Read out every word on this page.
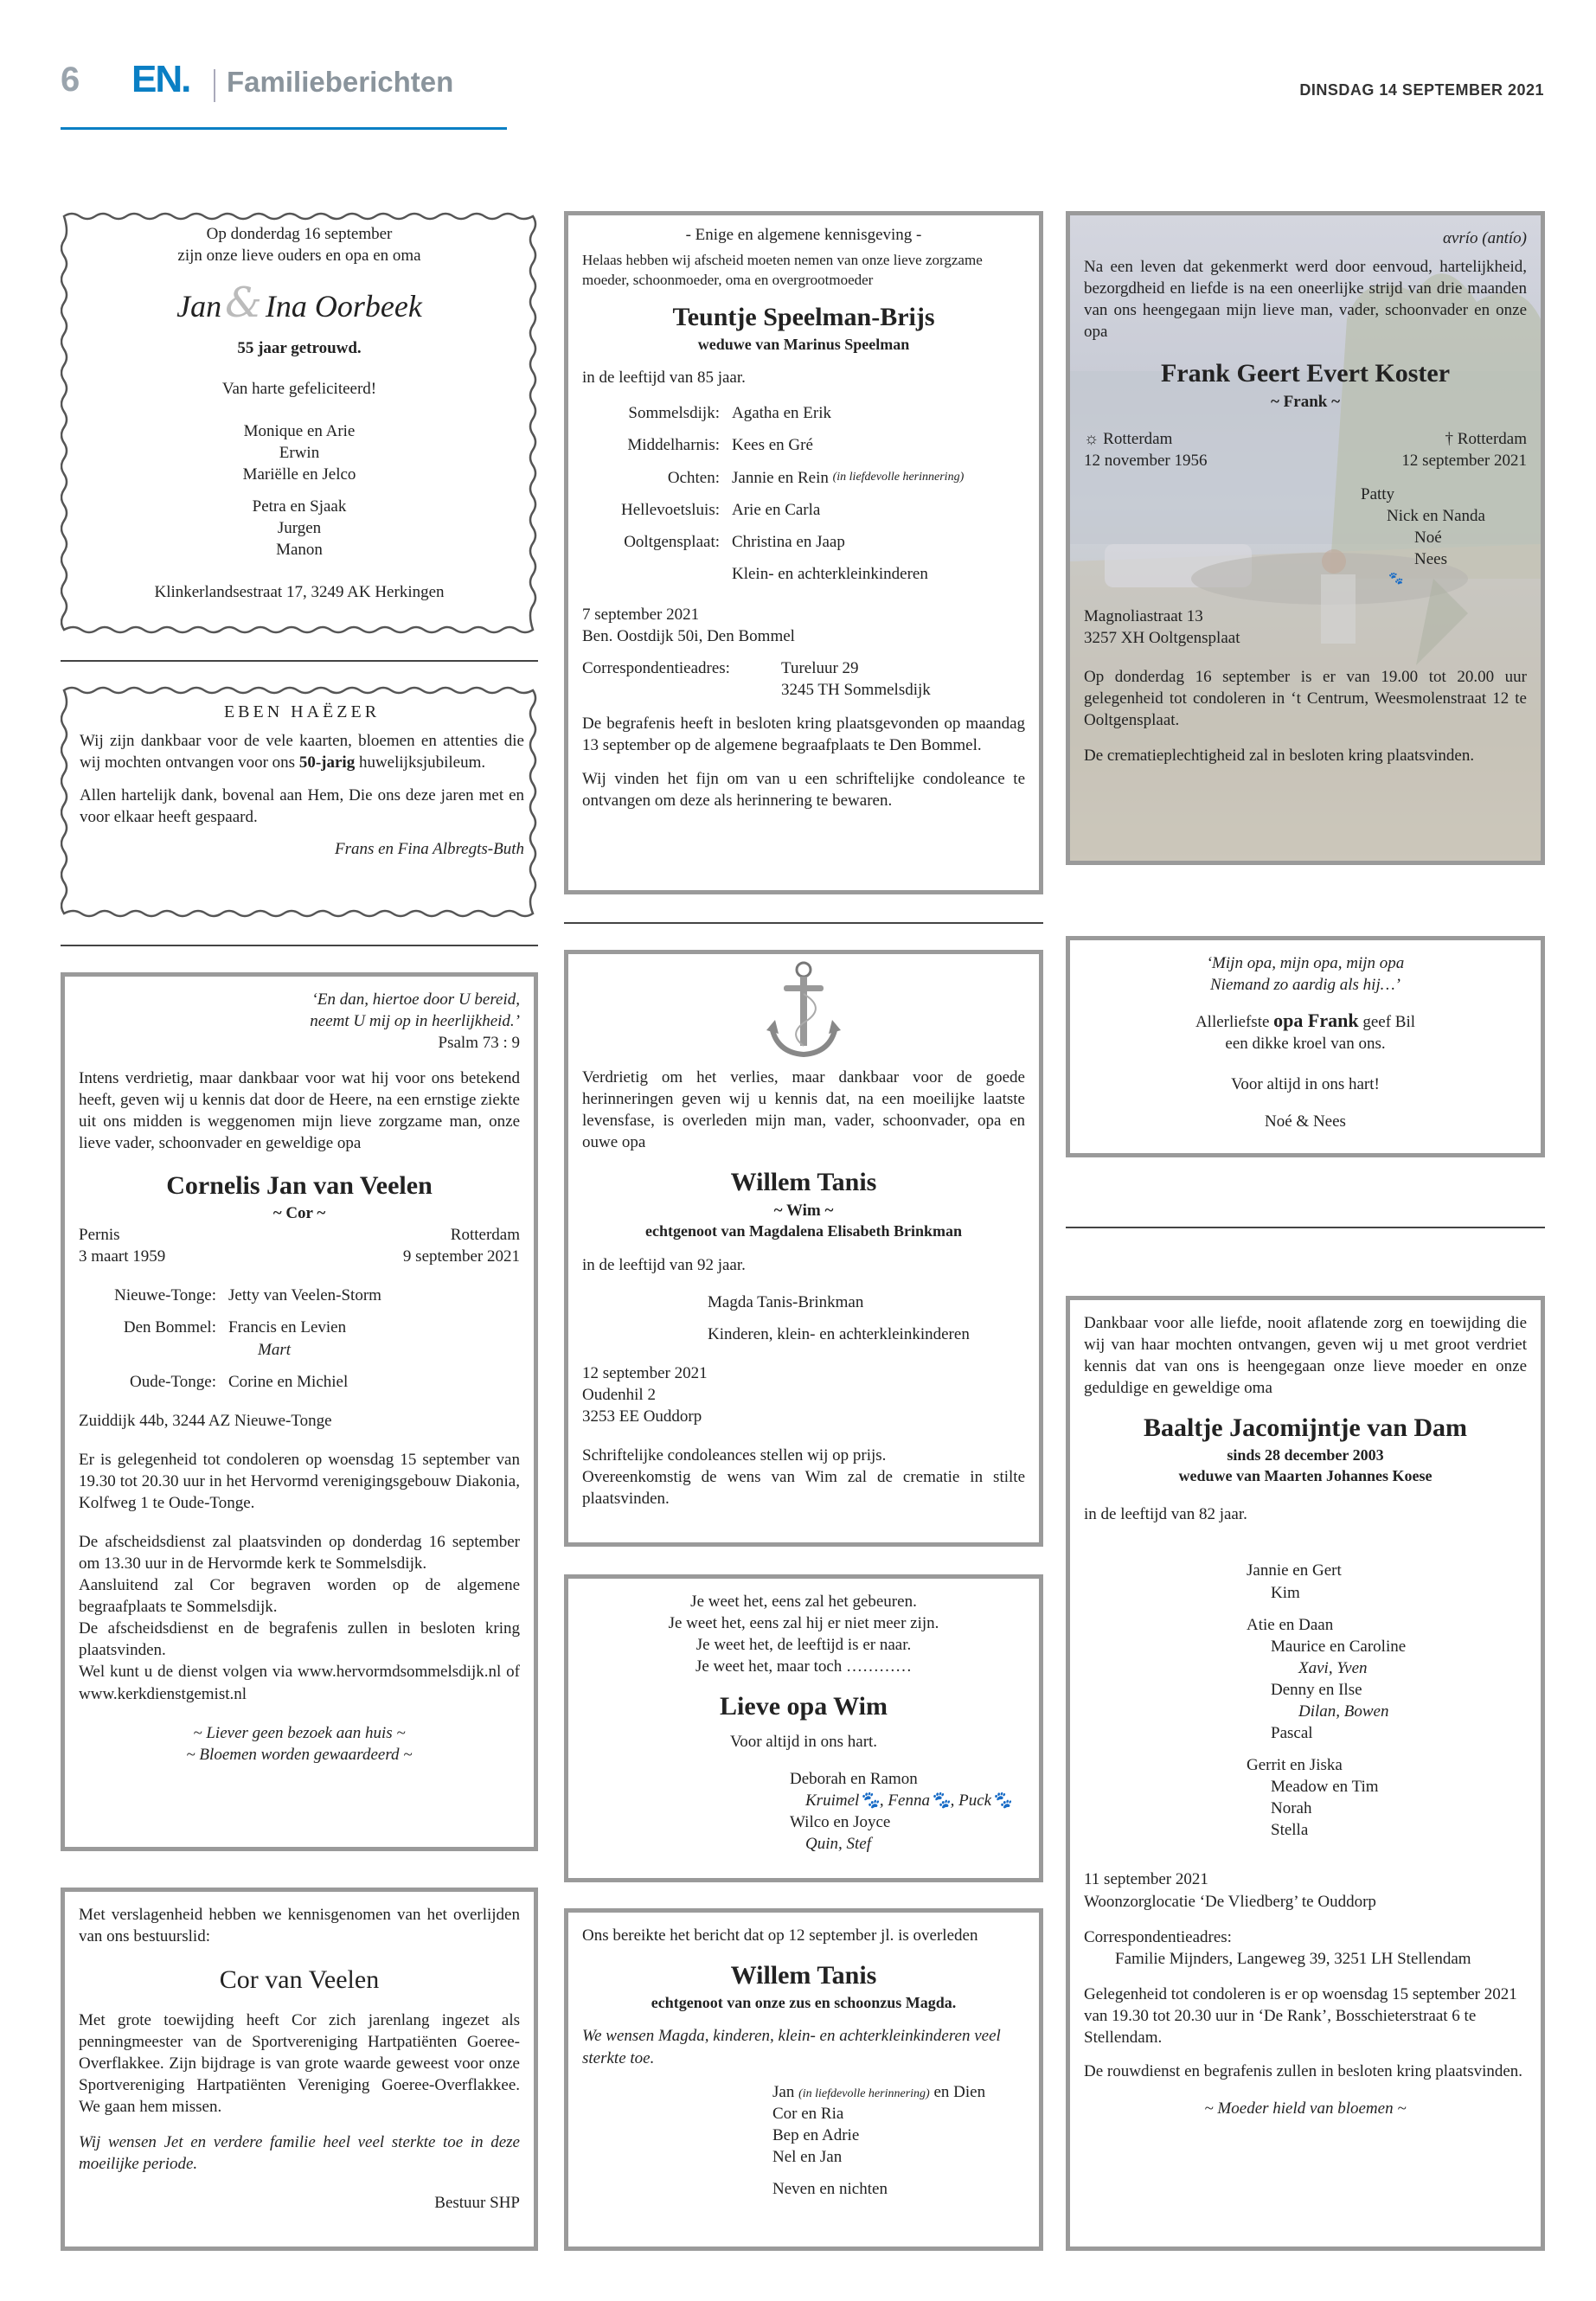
6 EN. Familieberichten	DINSDAG 14 SEPTEMBER 2021
Op donderdag 16 september
zijn onze lieve ouders en opa en oma
Jan& Ina Oorbeek
55 jaar getrouwd.
Van harte gefeliciteerd!
Monique en Arie
Erwin
Mariëlle en Jelco
Petra en Sjaak
Jurgen
Manon
Klinkerlandsestraat 17, 3249 AK Herkingen
EBEN HAËZER
Wij zijn dankbaar voor de vele kaarten, bloemen en attenties die wij mochten ontvangen voor ons 50-jarig huwelijksjubileum.
Allen hartelijk dank, bovenal aan Hem, Die ons deze jaren met en voor elkaar heeft gespaard.
Frans en Fina Albregts-Buth
‘En dan, hiertoe door U bereid,
neemt U mij op in heerlijkheid.’
Psalm 73 : 9
Intens verdrietig, maar dankbaar voor wat hij voor ons betekend heeft, geven wij u kennis dat door de Heere, na een ernstige ziekte uit ons midden is weggenomen mijn lieve zorgzame man, onze lieve vader, schoonvader en geweldige opa
Cornelis Jan van Veelen
~ Cor ~
Pernis	Rotterdam
3 maart 1959	9 september 2021
Nieuwe-Tonge: Jetty van Veelen-Storm
Den Bommel: Francis en Levien
Mart
Oude-Tonge: Corine en Michiel
Zuiddijk 44b, 3244 AZ Nieuwe-Tonge
Er is gelegenheid tot condoleren op woensdag 15 september van 19.30 tot 20.30 uur in het Hervormd verenigingsgebouw Diakonia, Kolfweg 1 te Oude-Tonge.
De afscheidsdienst zal plaatsvinden op donderdag 16 september om 13.30 uur in de Hervormde kerk te Sommelsdijk.
Aansluitend zal Cor begraven worden op de algemene begraafplaats te Sommelsdijk.
De afscheidsdienst en de begrafenis zullen in besloten kring plaatsvinden.
Wel kunt u de dienst volgen via www.hervormdsommelsdijk.nl of www.kerkdienstgemist.nl
~ Liever geen bezoek aan huis ~
~ Bloemen worden gewaardeerd ~
Met verslagenheid hebben we kennisgenomen van het overlijden van ons bestuurslid:
Cor van Veelen
Met grote toewijding heeft Cor zich jarenlang ingezet als penningmeester van de Sportvereniging Hartpatiënten Goeree-Overflakkee. Zijn bijdrage is van grote waarde geweest voor onze Sportvereniging Hartpatiënten Vereniging Goeree-Overflakkee. We gaan hem missen.
Wij wensen Jet en verdere familie heel veel sterkte toe in deze moeilijke periode.
Bestuur SHP
- Enige en algemene kennisgeving -
Helaas hebben wij afscheid moeten nemen van onze lieve zorgzame moeder, schoonmoeder, oma en overgrootmoeder
Teuntje Speelman-Brijs
weduwe van Marinus Speelman
in de leeftijd van 85 jaar.
Sommelsdijk: Agatha en Erik
Middelharnis: Kees en Gré
Ochten: Jannie en Rein
(in liefdevolle herinnering)
Hellevoetsluis: Arie en Carla
Ooltgensplaat: Christina en Jaap
Klein- en achterkleinkinderen
7 september 2021
Ben. Oostdijk 50i, Den Bommel
Correspondentieadres:	Tureluur 29
3245 TH Sommelsdijk
De begrafenis heeft in besloten kring plaatsgevonden op maandag 13 september op de algemene begraafplaats te Den Bommel.
Wij vinden het fijn om van u een schriftelijke condoleance te ontvangen om deze als herinnering te bewaren.
Verdrietig om het verlies, maar dankbaar voor de goede herinneringen geven wij u kennis dat, na een moeilijke laatste levensfase, is overleden mijn man, vader, schoonvader, opa en ouwe opa
Willem Tanis
~ Wim ~
echtgenoot van Magdalena Elisabeth Brinkman
in de leeftijd van 92 jaar.
Magda Tanis-Brinkman
Kinderen, klein- en achterkleinkinderen
12 september 2021
Oudenhil 2
3253 EE Ouddorp
Schriftelijke condoleances stellen wij op prijs.
Overeenkomstig de wens van Wim zal de crematie in stilte plaatsvinden.
Je weet het, eens zal het gebeuren.
Je weet het, eens zal hij er niet meer zijn.
Je weet het, de leeftijd is er naar.
Je weet het, maar toch …………
Lieve opa Wim
Voor altijd in ons hart.
Deborah en Ramon
Kruimel🐾, Fenna🐾, Puck🐾
Wilco en Joyce
Quin, Stef
Ons bereikte het bericht dat op 12 september jl. is overleden
Willem Tanis
echtgenoot van onze zus en schoonzus Magda.
We wensen Magda, kinderen, klein- en achterkleinkinderen veel sterkte toe.
Jan (in liefdevolle herinnering) en Dien
Cor en Ria
Bep en Adrie
Nel en Jan
Neven en nichten
ανrío (antío)
Na een leven dat gekenmerkt werd door eenvoud, hartelijkheid, bezorgdheid en liefde is na een oneerlijke strijd van drie maanden van ons heengegaan mijn lieve man, vader, schoonvader en onze opa
Frank Geert Evert Koster
~ Frank ~
☼ Rotterdam	† Rotterdam
12 november 1956	12 september 2021
Patty
Nick en Nanda
Noé
Nees
🐾
Magnoliastraat 13
3257 XH Ooltgensplaat
Op donderdag 16 september is er van 19.00 tot 20.00 uur gelegenheid tot condoleren in ‘t Centrum, Weesmolenstraat 12 te Ooltgensplaat.
De crematieplechtigheid zal in besloten kring plaatsvinden.
‘Mijn opa, mijn opa, mijn opa
Niemand zo aardig als hij…’
Allerliefste opa Frank geef Bil
een dikke kroel van ons.
Voor altijd in ons hart!
Noé & Nees
Dankbaar voor alle liefde, nooit aflatende zorg en toewijding die wij van haar mochten ontvangen, geven wij u met groot verdriet kennis dat van ons is heengegaan onze lieve moeder en onze geduldige en geweldige oma
Baaltje Jacomijntje van Dam
sinds 28 december 2003
weduwe van Maarten Johannes Koese
in de leeftijd van 82 jaar.
Jannie en Gert
Kim
Atie en Daan
Maurice en Caroline
Xavi, Yven
Denny en Ilse
Dilan, Bowen
Pascal
Gerrit en Jiska
Meadow en Tim
Norah
Stella
11 september 2021
Woonzorglocatie ‘De Vliedberg’ te Ouddorp
Correspondentieadres:
Familie Mijnders, Langeweg 39, 3251 LH Stellendam
Gelegenheid tot condoleren is er op woensdag 15 september 2021 van 19.30 tot 20.30 uur in ‘De Rank’, Bosschieterstraat 6 te Stellendam.
De rouwdienst en begrafenis zullen in besloten kring plaatsvinden.
~ Moeder hield van bloemen ~
